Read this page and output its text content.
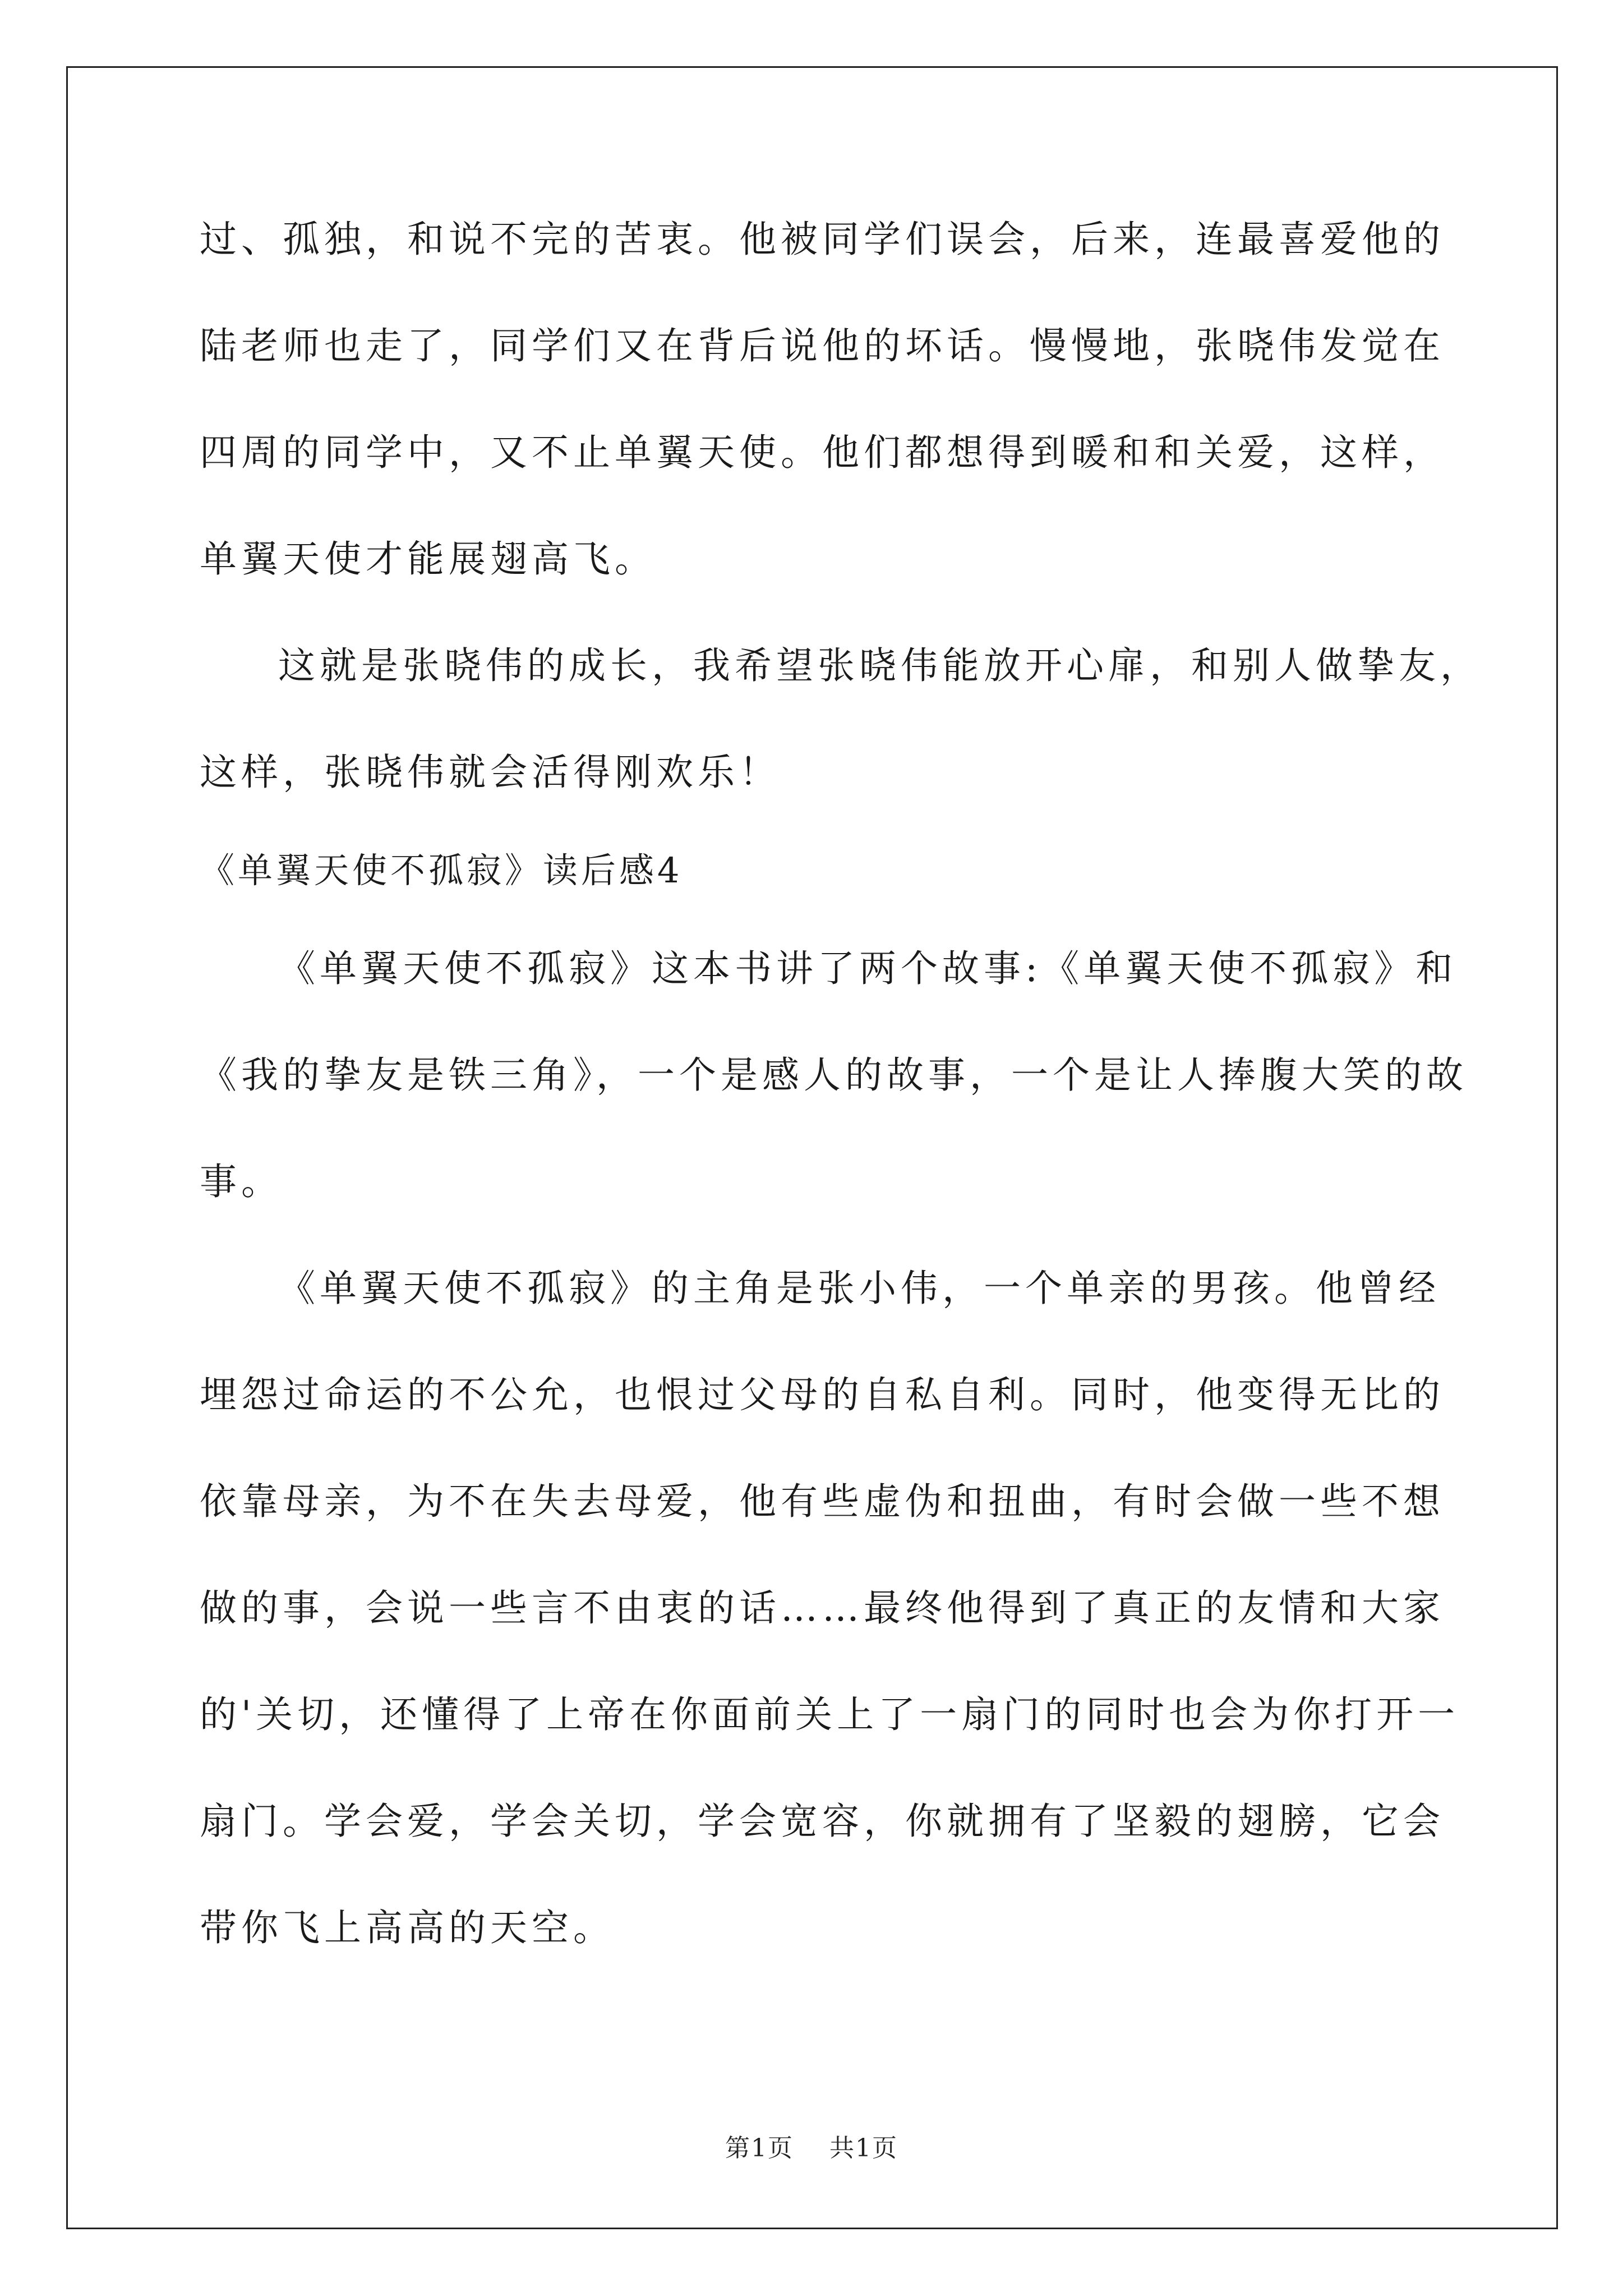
过、孤独，和说不完的苦衷。他被同学们误会，后来，连最喜爱他的

陆老师也走了，同学们又在背后说他的坏话。慢慢地，张晓伟发觉在

四周的同学中，又不止单翼天使。他们都想得到暖和和关爱，这样，

单翼天使才能展翅高飞。

这就是张晓伟的成长，我希望张晓伟能放开心扉，和别人做挚友，

这样，张晓伟就会活得刚欢乐！

《单翼天使不孤寂》读后感4

《单翼天使不孤寂》这本书讲了两个故事:《单翼天使不孤寂》和

《我的挚友是铁三角》，一个是感人的故事，一个是让人捧腹大笑的故

事。

《单翼天使不孤寂》的主角是张小伟，一个单亲的男孩。他曾经

埋怨过命运的不公允，也恨过父母的自私自利。同时，他变得无比的

依靠母亲，为不在失去母爱，他有些虚伪和扭曲，有时会做一些不想

做的事，会说一些言不由衷的话……最终他得到了真正的友情和大家

的'关切，还懂得了上帝在你面前关上了一扇门的同时也会为你打开一

扇门。学会爱，学会关切，学会宽容，你就拥有了坚毅的翅膀，它会

带你飞上高高的天空。

第1页 共1页
